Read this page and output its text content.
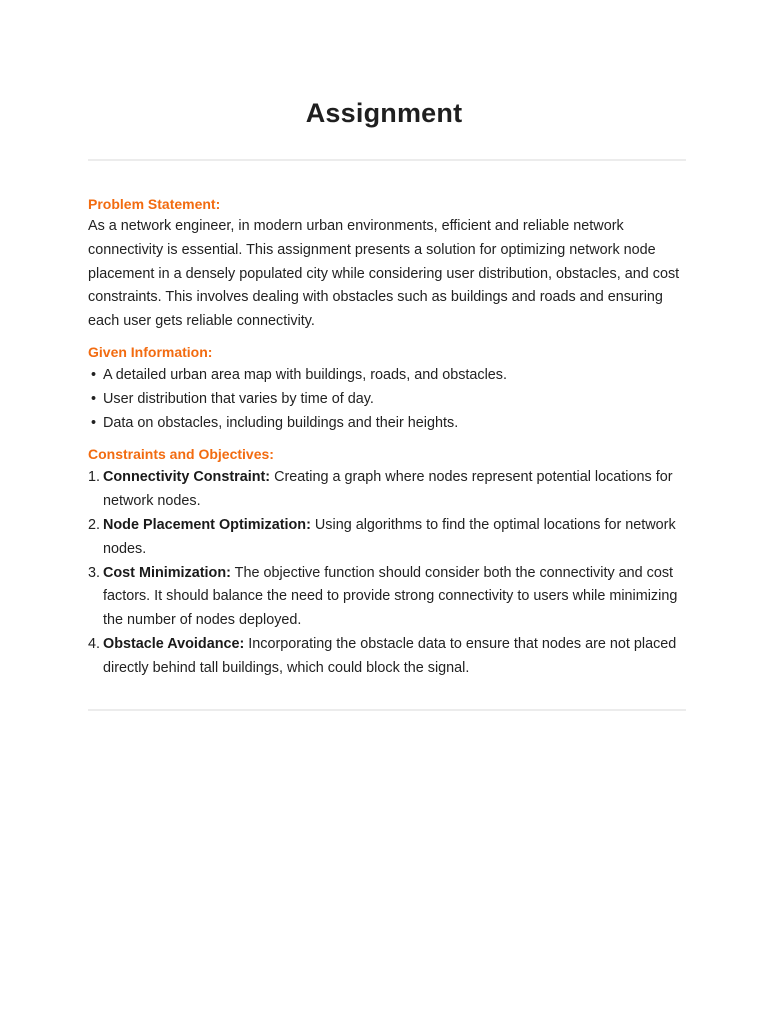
Assignment

Problem Statement:

As a network engineer, in modern urban environments, efficient and reliable network connectivity is essential. This assignment presents a solution for optimizing network node placement in a densely populated city while considering user distribution, obstacles, and cost constraints. This involves dealing with obstacles such as buildings and roads and ensuring each user gets reliable connectivity.

Given Information:

• A detailed urban area map with buildings, roads, and obstacles.
• User distribution that varies by time of day.
• Data on obstacles, including buildings and their heights.

Constraints and Objectives:

1. Connectivity Constraint: Creating a graph where nodes represent potential locations for network nodes.
2. Node Placement Optimization: Using algorithms to find the optimal locations for network nodes.
3. Cost Minimization: The objective function should consider both the connectivity and cost factors. It should balance the need to provide strong connectivity to users while minimizing the number of nodes deployed.
4. Obstacle Avoidance: Incorporating the obstacle data to ensure that nodes are not placed directly behind tall buildings, which could block the signal.
